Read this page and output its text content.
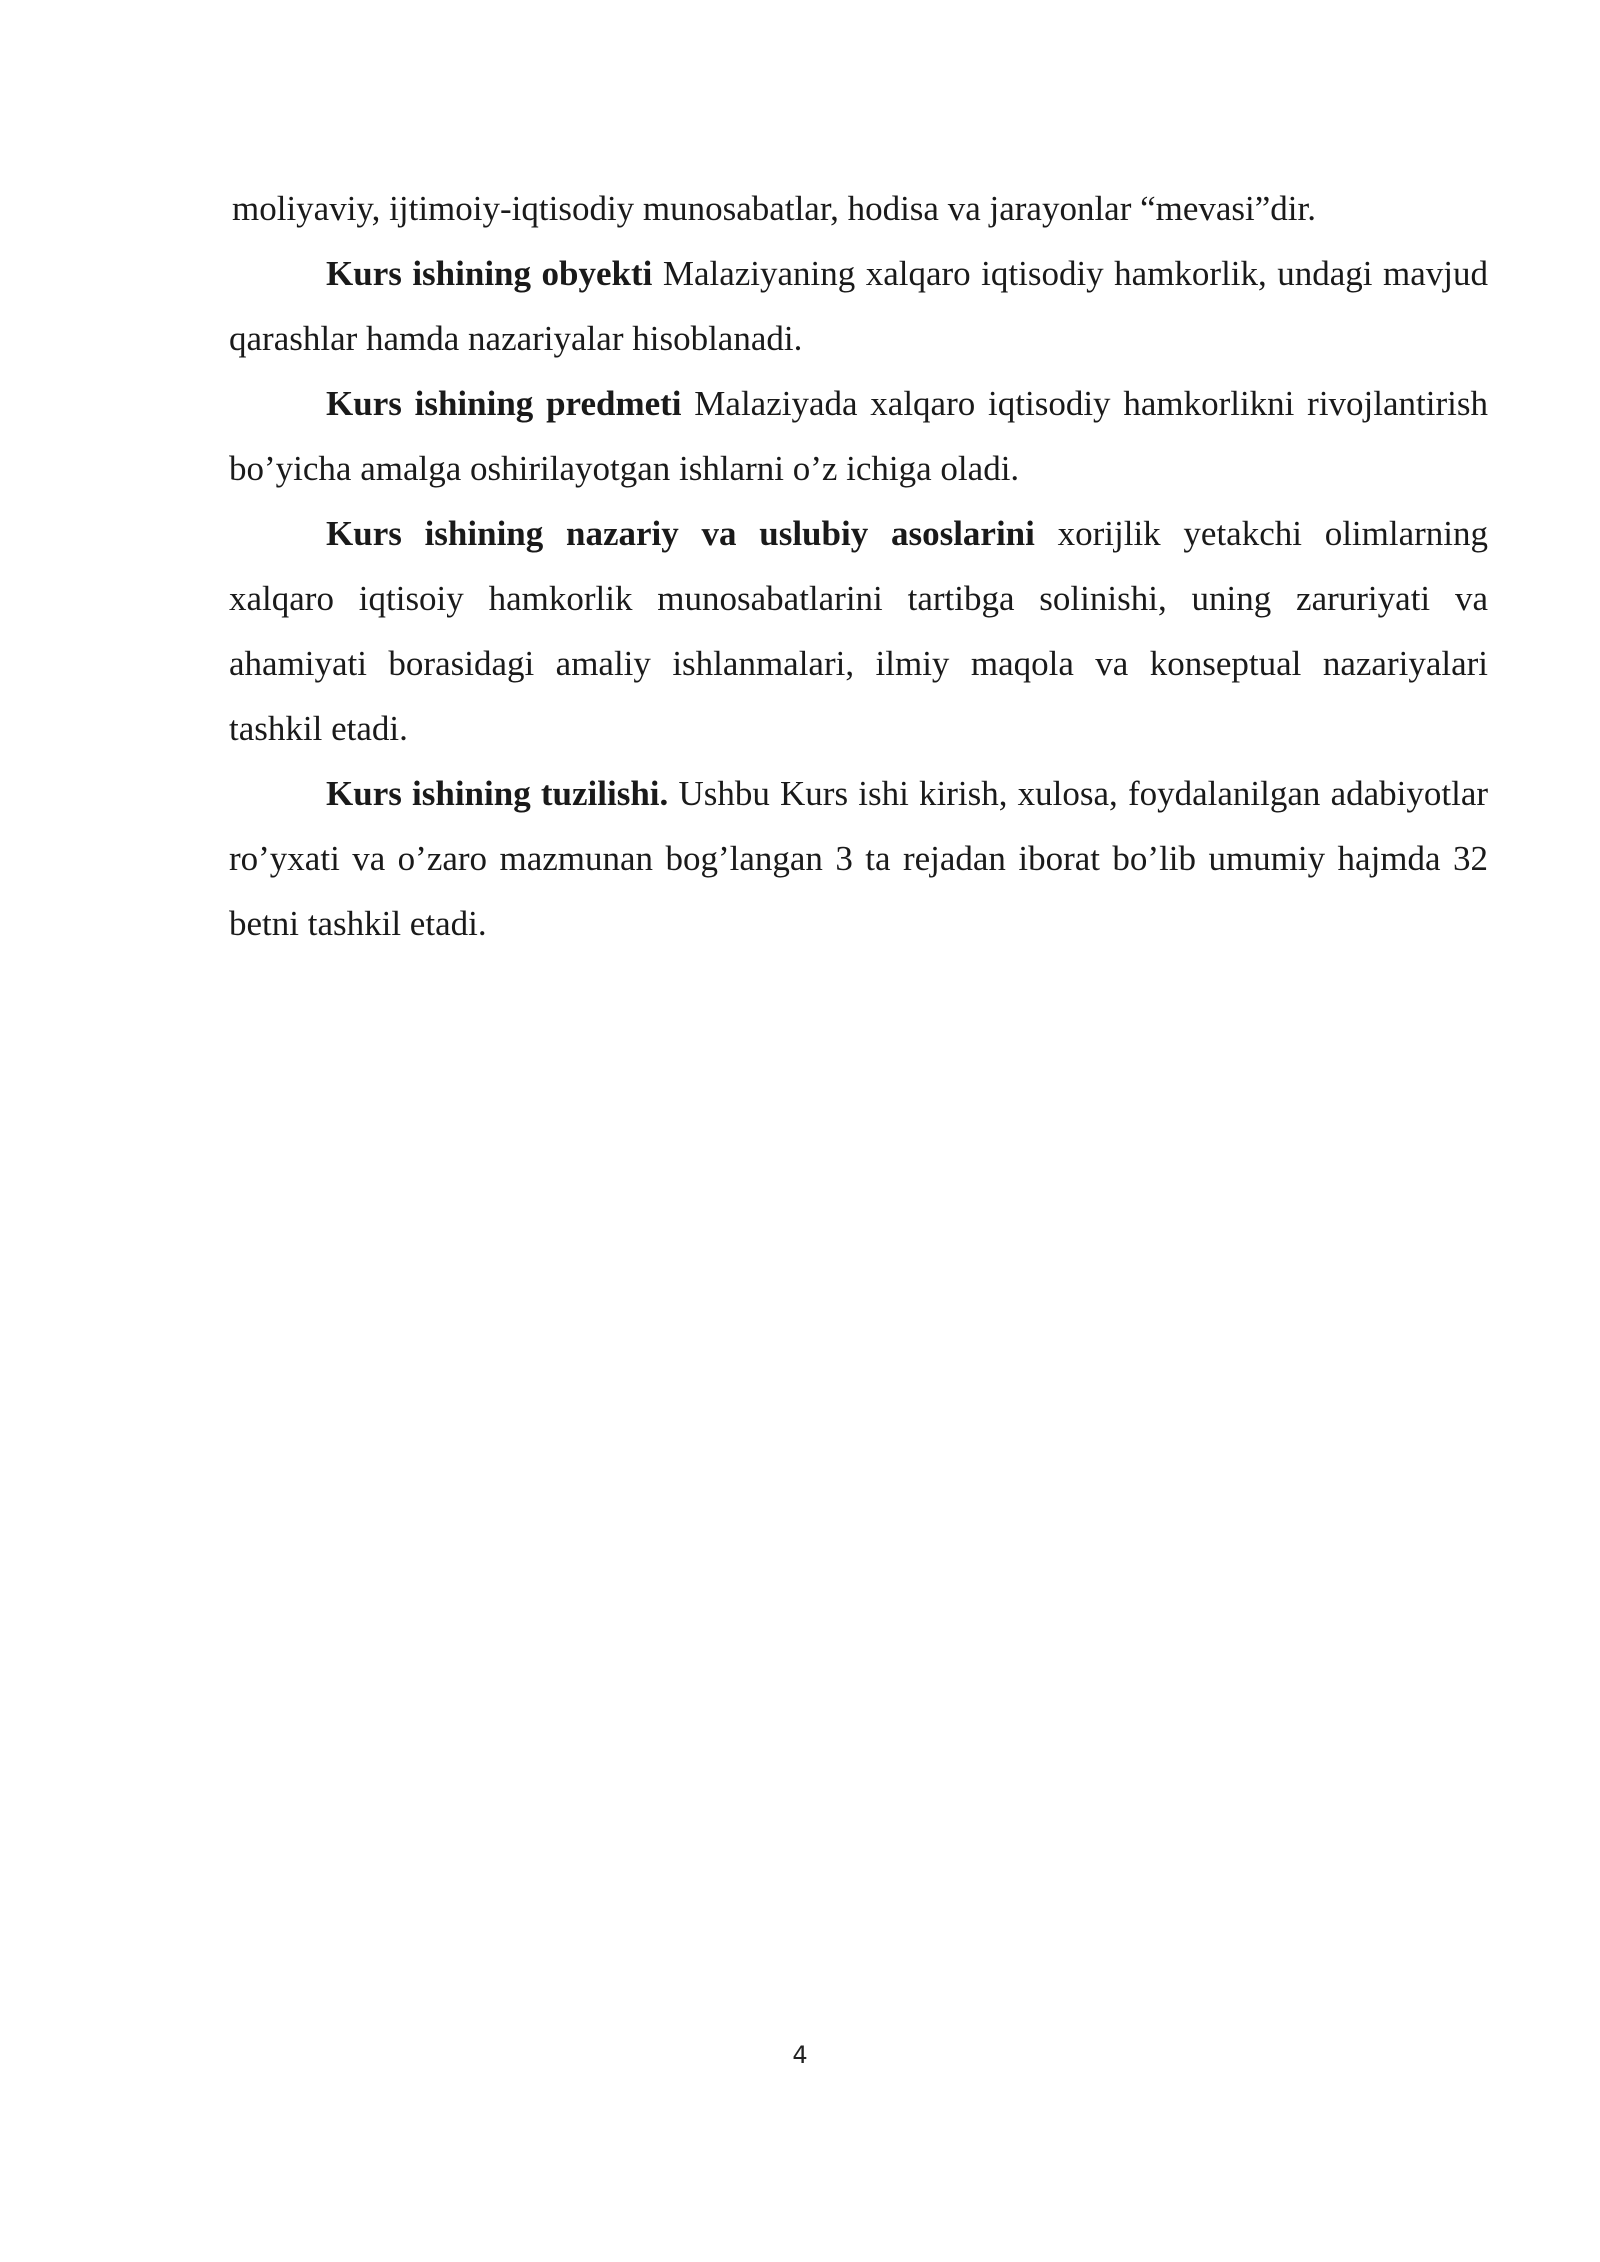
moliyaviy, ijtimoiy-iqtisodiy munosabatlar, hodisa va jarayonlar “mevasi”dir.

Kurs ishining obyekti Malaziyaning xalqaro iqtisodiy hamkorlik, undagi mavjud qarashlar hamda nazariyalar hisoblanadi.

Kurs ishining predmeti Malaziyada xalqaro iqtisodiy hamkorlikni rivojlantirish bo’yicha amalga oshirilayotgan ishlarni o’z ichiga oladi.

Kurs ishining nazariy va uslubiy asoslarini xorijlik yetakchi olimlarning xalqaro iqtisoiy hamkorlik munosabatlarini tartibga solinishi, uning zaruriyati va ahamiyati borasidagi amaliy ishlanmalari, ilmiy maqola va konseptual nazariyalari tashkil etadi.

Kurs ishining tuzilishi. Ushbu Kurs ishi kirish, xulosa, foydalanilgan adabiyotlar ro’yxati va o’zaro mazmunan bog’langan 3 ta rejadan iborat bo’lib umumiy hajmda 32 betni tashkil etadi.

4
